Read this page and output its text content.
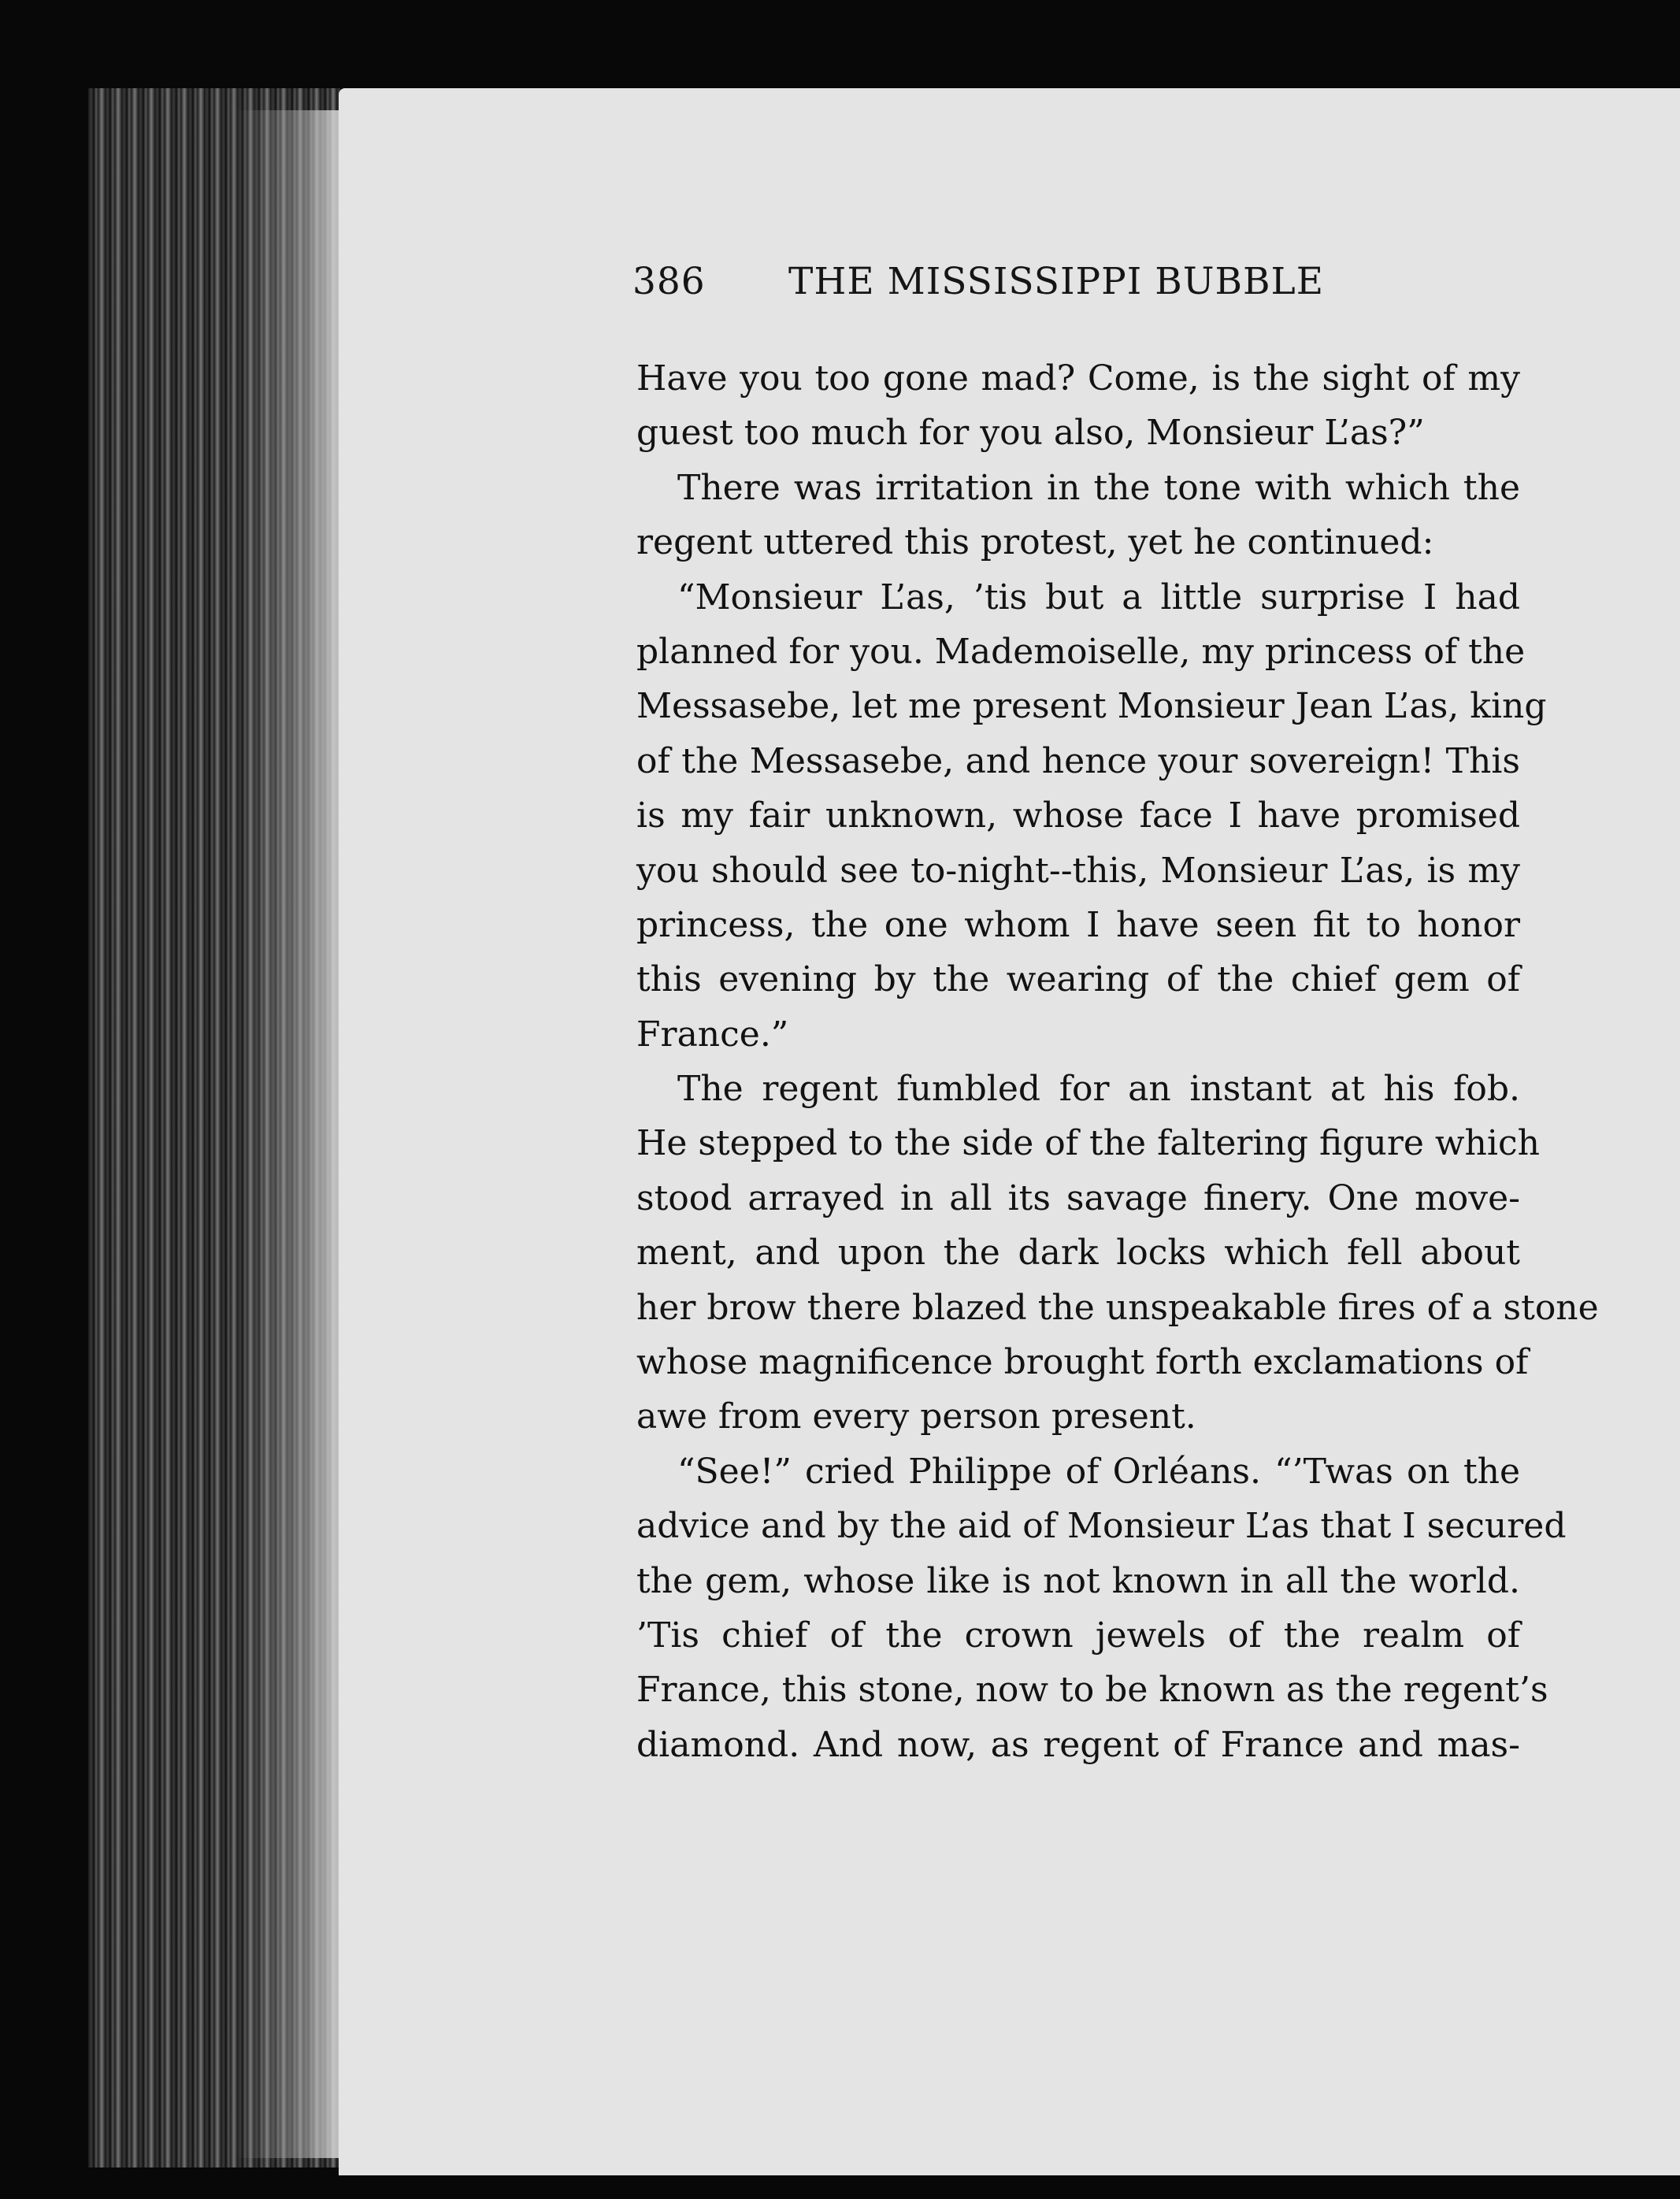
386 THE MISSISSIPPI BUBBLE
Have you too gone mad? Come, is the sight of my
guest too much for you also, Monsieur L’as?”
There was irritation in the tone with which the
regent uttered this protest, yet he continued:
“Monsieur L’as, ’tis but a little surprise I had
planned for you. Mademoiselle, my princess of the
Messasebe, let me present Monsieur Jean L’as, king
of the Messasebe, and hence your sovereign! This
is my fair unknown, whose face I have promised
you should see to-night--this, Monsieur L’as, is my
princess, the one whom I have seen fit to honor
this evening by the wearing of the chief gem of
France.”
The regent fumbled for an instant at his fob.
He stepped to the side of the faltering figure which
stood arrayed in all its savage finery. One move-
ment, and upon the dark locks which fell about
her brow there blazed the unspeakable fires of a stone
whose magnificence brought forth exclamations of
awe from every person present.
“See!” cried Philippe of Orléans. “’Twas on the
advice and by the aid of Monsieur L’as that I secured
the gem, whose like is not known in all the world.
’Tis chief of the crown jewels of the realm of
France, this stone, now to be known as the regent’s
diamond. And now, as regent of France and mas-
